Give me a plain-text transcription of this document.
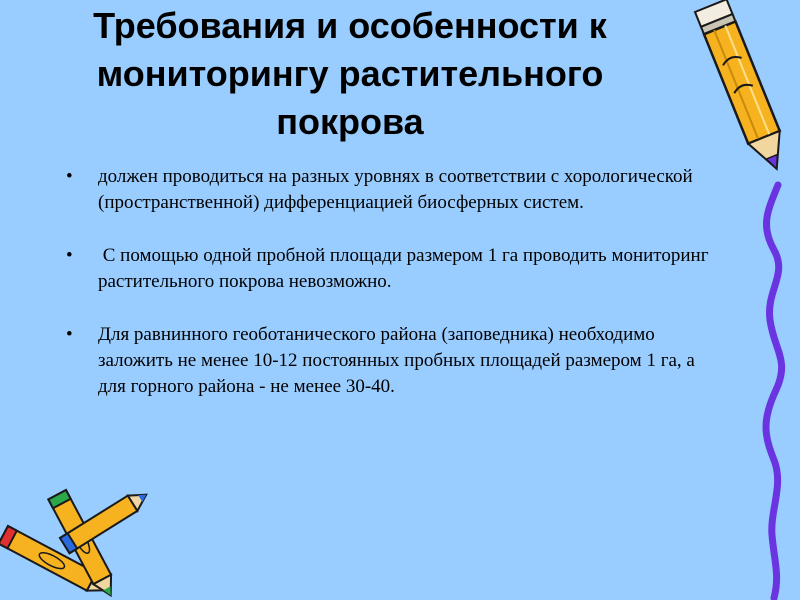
Требования и особенности к
мониторингу растительного
покрова
• должен проводиться на разных уровнях в соответствии с хорологической (пространственной) дифференциацией биосферных систем.
• С помощью одной пробной площади размером 1 га проводить мониторинг растительного покрова невозможно.
• Для равнинного геоботанического района (заповедника) необходимо заложить не менее 10-12 постоянных пробных площадей размером 1 га, а для горного района - не менее 30-40.
